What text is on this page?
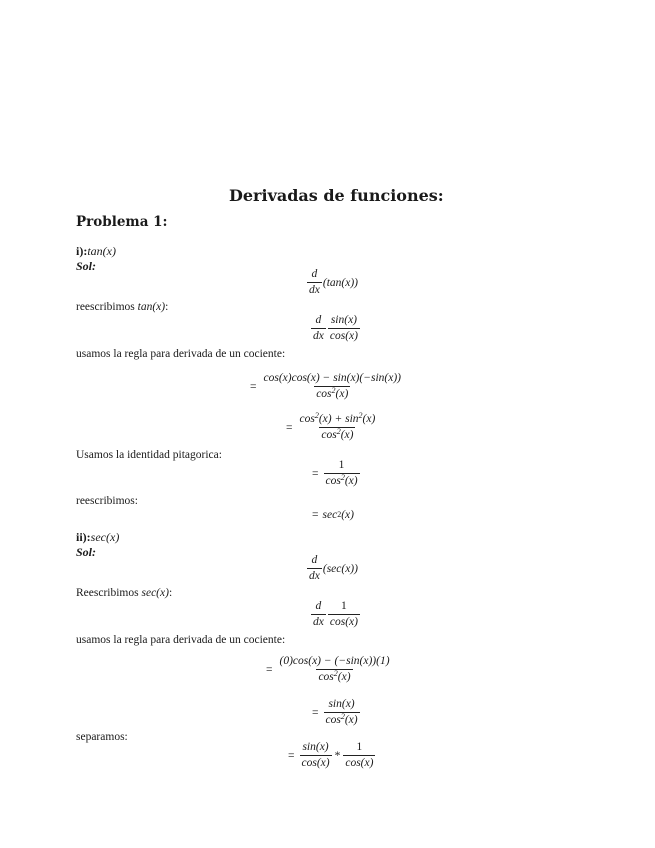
Derivadas de funciones:
Problema 1:
i):tan(x)
Sol:
$\frac{d}{dx} (\tan(x))$
reescribimos tan(x):
$\frac{d}{dx} \frac{\sin(x)}{\cos(x)}$
usamos la regla para derivada de un cociente:
= $\frac{\cos(x)\cos(x) - \sin(x)(-\sin(x))}{\cos^2(x)}$
= $\frac{\cos^2(x) + \sin^2(x)}{\cos^2(x)}$
Usamos la identidad pitagorica:
= $\frac{1}{\cos^2(x)}$
reescribimos:
= sec 2 (x)
ii):sec(x)
Sol:
$\frac{d}{dx} (\sec(x))$
Reescribimos sec(x):
$\frac{d}{dx} \frac{1}{\cos(x)}$
usamos la regla para derivada de un cociente:
= $\frac{(0)\cos(x) - (-\sin(x))(1)}{\cos^2(x)}$
= $\frac{\sin(x)}{\cos^2(x)}$
separamos:
= $\frac{\sin(x)}{\cos(x)} * \frac{1}{\cos(x)}$
